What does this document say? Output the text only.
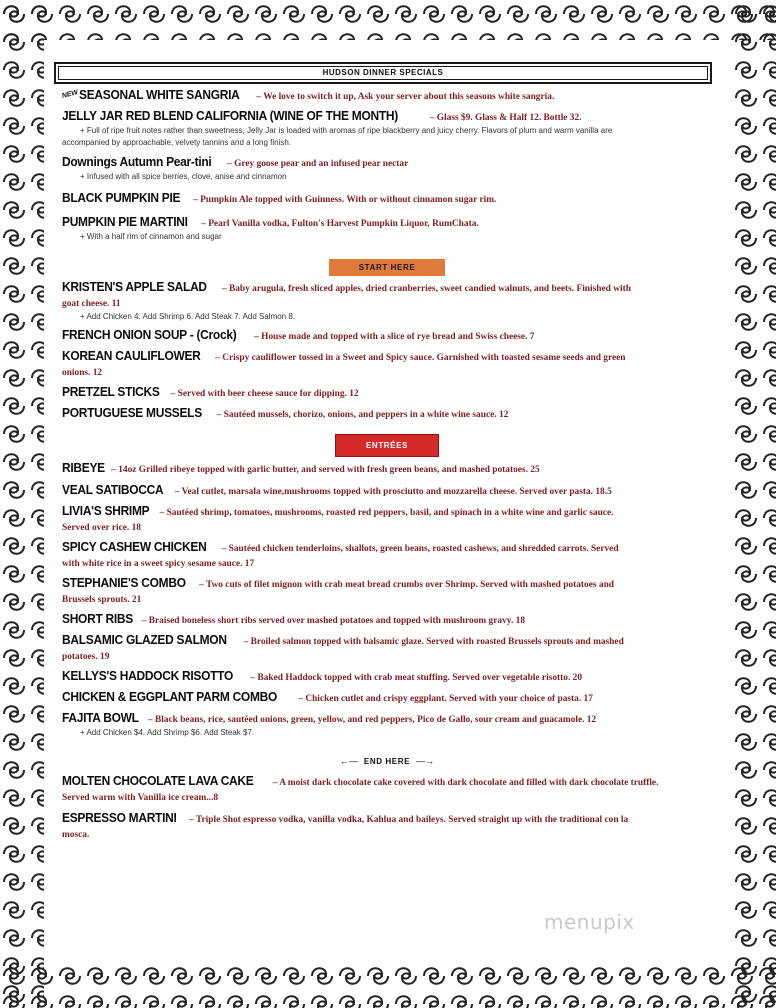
HUDSON DINNER SPECIALS
NEWSEASONAL WHITE SANGRIA – We love to switch it up, Ask your server about this seasons white sangria.
JELLY JAR RED BLEND CALIFORNIA (WINE OF THE MONTH)	– Glass $9. Glass & Half 12. Bottle 32.
+ Full of ripe fruit notes rather than sweetness, Jelly Jar is loaded with aromas of ripe blackberry and juicy cherry. Flavors of plum and warm vanilla are
accompanied by approachable, velvety tannins and a long finish.
Downings Autumn Pear-tini – Grey goose pear and an infused pear nectar
+ Infused with all spice berries, clove, anise and cinnamon
BLACK PUMPKIN PIE – Pumpkin Ale topped with Guinness. With or without cinnamon sugar rim.
PUMPKIN PIE MARTINI – Pearl Vanilla vodka, Fulton's Harvest Pumpkin Liquor, RumChata.
+ With a half rim of cinnamon and sugar
START HERE
KRISTEN'S APPLE SALAD – Baby arugula, fresh sliced apples, dried cranberries, sweet candied walnuts, and beets. Finished with
goat cheese. 11
+ Add Chicken 4. Add Shrimp 6. Add Steak 7. Add Salmon 8.
FRENCH ONION SOUP - (Crock) – House made and topped with a slice of rye bread and Swiss cheese. 7
KOREAN CAULIFLOWER – Crispy cauliflower tossed in a Sweet and Spicy sauce. Garnished with toasted sesame seeds and green
onions. 12
PRETZEL STICKS – Served with beer cheese sauce for dipping. 12
PORTUGUESE MUSSELS – Sautéed mussels, chorizo, onions, and peppers in a white wine sauce. 12
ENTRÉES
RIBEYE – 14oz Grilled ribeye topped with garlic butter, and served with fresh green beans, and mashed potatoes. 25
VEAL SATIBOCCA – Veal cutlet, marsala wine,mushrooms topped with prosciutto and mozzarella cheese. Served over pasta. 18.5
LIVIA'S SHRIMP – Sautéed shrimp, tomatoes, mushrooms, roasted red peppers, basil, and spinach in a white wine and garlic sauce.
Served over rice. 18
SPICY CASHEW CHICKEN – Sautéed chicken tenderloins, shallots, green beans, roasted cashews, and shredded carrots. Served
with white rice in a sweet spicy sesame sauce. 17
STEPHANIE'S COMBO – Two cuts of filet mignon with crab meat bread crumbs over Shrimp. Served with mashed potatoes and
Brussels sprouts. 21
SHORT RIBS – Braised boneless short ribs served over mashed potatoes and topped with mushroom gravy. 18
BALSAMIC GLAZED SALMON – Broiled salmon topped with balsamic glaze. Served with roasted Brussels sprouts and mashed
potatoes. 19
KELLYS'S HADDOCK RISOTTO – Baked Haddock topped with crab meat stuffing. Served over vegetable risotto. 20
CHICKEN & EGGPLANT PARM COMBO – Chicken cutlet and crispy eggplant. Served with your choice of pasta. 17
FAJITA BOWL – Black beans, rice, sautéed onions, green, yellow, and red peppers, Pico de Gallo, sour cream and guacamole. 12
+ Add Chicken $4. Add Shrimp $6. Add Steak $7.
←— END HERE —→
MOLTEN CHOCOLATE LAVA CAKE – A moist dark chocolate cake covered with dark chocolate and filled with dark chocolate truffle.
Served warm with Vanilla ice cream...8
ESPRESSO MARTINI – Triple Shot espresso vodka, vanilla vodka, Kahlua and baileys. Served straight up with the traditional con la
mosca.
menupix
